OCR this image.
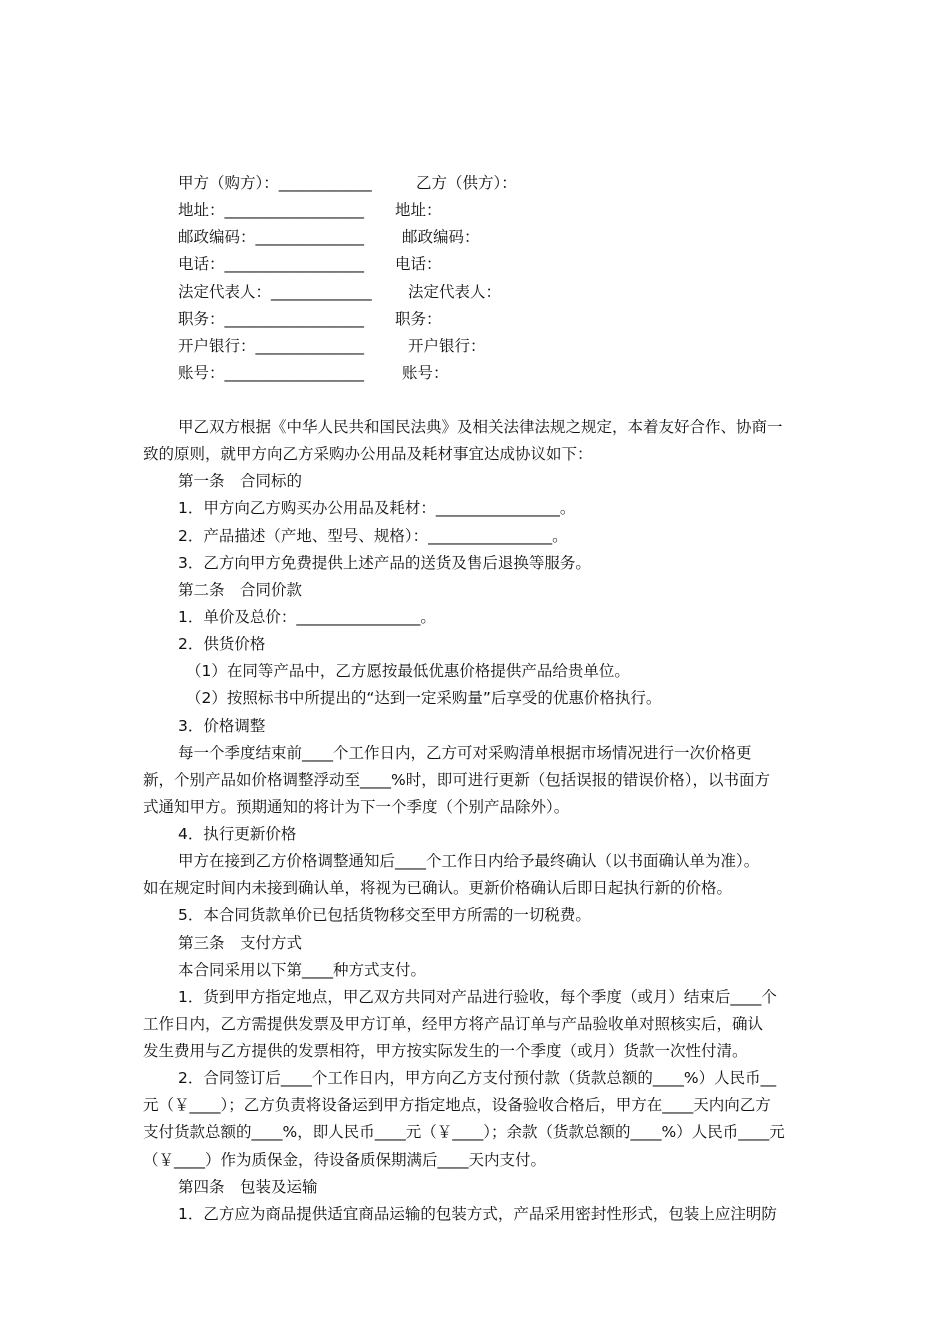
甲方（购方）：____________	乙方（供方）：
地址：__________________ 地址：
邮政编码：______________ 邮政编码：
电话：__________________ 电话：
法定代表人：_____________ 法定代表人：
职务：__________________ 职务：
开户银行：______________	开户银行：
账号：__________________ 账号：
甲乙双方根据《中华人民共和国民法典》及相关法律法规之规定，本着友好合作、协商一
致的原则，就甲方向乙方采购办公用品及耗材事宜达成协议如下：
第一条　合同标的
1．甲方向乙方购买办公用品及耗材：________________。
2．产品描述（产地、型号、规格）：________________。
3．乙方向甲方免费提供上述产品的送货及售后退换等服务。
第二条　合同价款
1．单价及总价：________________。
2．供货价格
（1）在同等产品中，乙方愿按最低优惠价格提供产品给贵单位。
（2）按照标书中所提出的“达到一定采购量”后享受的优惠价格执行。
3．价格调整
每一个季度结束前____个工作日内，乙方可对采购清单根据市场情况进行一次价格更
新，个别产品如价格调整浮动至____%时，即可进行更新（包括误报的错误价格），以书面方
式通知甲方。预期通知的将计为下一个季度（个别产品除外）。
4．执行更新价格
甲方在接到乙方价格调整通知后____个工作日内给予最终确认（以书面确认单为准）。
如在规定时间内未接到确认单，将视为已确认。更新价格确认后即日起执行新的价格。
5．本合同货款单价已包括货物移交至甲方所需的一切税费。
第三条　支付方式
本合同采用以下第____种方式支付。
1．货到甲方指定地点，甲乙双方共同对产品进行验收，每个季度（或月）结束后____个
工作日内，乙方需提供发票及甲方订单，经甲方将产品订单与产品验收单对照核实后，确认
发生费用与乙方提供的发票相符，甲方按实际发生的一个季度（或月）货款一次性付清。
2．合同签订后____个工作日内，甲方向乙方支付预付款（货款总额的____%）人民币__
元（￥____）；乙方负责将设备运到甲方指定地点，设备验收合格后，甲方在____天内向乙方
支付货款总额的____%，即人民币____元（￥____）；余款（货款总额的____%）人民币____元
（￥____）作为质保金，待设备质保期满后____天内支付。
第四条　包装及运输
1．乙方应为商品提供适宜商品运输的包装方式，产品采用密封性形式，包装上应注明防
